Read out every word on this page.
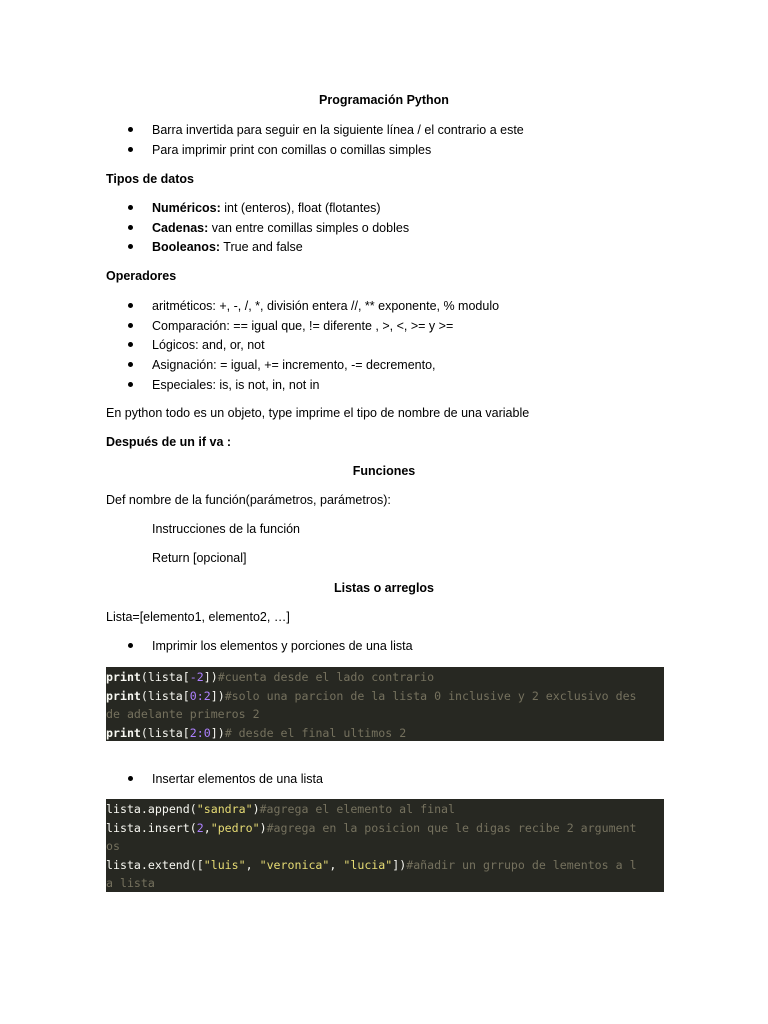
Programación Python
Barra invertida para seguir en la siguiente línea / el contrario a este
Para imprimir print con comillas o comillas simples
Tipos de datos
Numéricos: int (enteros), float (flotantes)
Cadenas: van entre comillas simples o dobles
Booleanos: True and false
Operadores
aritméticos: +, -, /, *, división entera //, ** exponente, % modulo
Comparación: == igual que, != diferente , >, <, >= y >=
Lógicos: and, or, not
Asignación: = igual, += incremento, -= decremento,
Especiales: is, is not, in, not in
En python todo es un objeto, type imprime el tipo de nombre de una variable
Después de un if va :
Funciones
Def nombre de la función(parámetros, parámetros):
Instrucciones de la función
Return [opcional]
Listas o arreglos
Lista=[elemento1, elemento2, …]
Imprimir los elementos y porciones de una lista
print(lista[-2])#cuenta desde el lado contrario
print(lista[0:2])#solo una parcion de la lista 0 inclusive y 2 exclusivo des
de adelante primeros 2
print(lista[2:0])# desde el final ultimos 2
Insertar elementos de una lista
lista.append("sandra")#agrega el elemento al final
lista.insert(2,"pedro")#agrega en la posicion que le digas recibe 2 argument
os
lista.extend(["luis", "veronica", "lucia"])#añadir un grrupo de lementos a l
a lista
